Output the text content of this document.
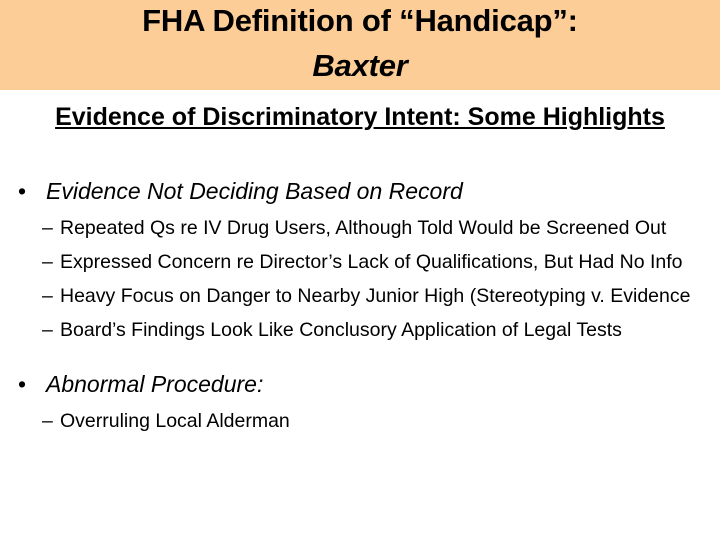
FHA Definition of “Handicap”:
Baxter
Evidence of Discriminatory Intent: Some Highlights
• Evidence Not Deciding Based on Record
– Repeated Qs re IV Drug Users, Although Told Would be Screened Out
– Expressed Concern re Director’s Lack of Qualifications, But Had No Info
– Heavy Focus on Danger to Nearby Junior High (Stereotyping v. Evidence
– Board’s Findings Look Like Conclusory Application of Legal Tests
• Abnormal Procedure:
– Overruling Local Alderman
